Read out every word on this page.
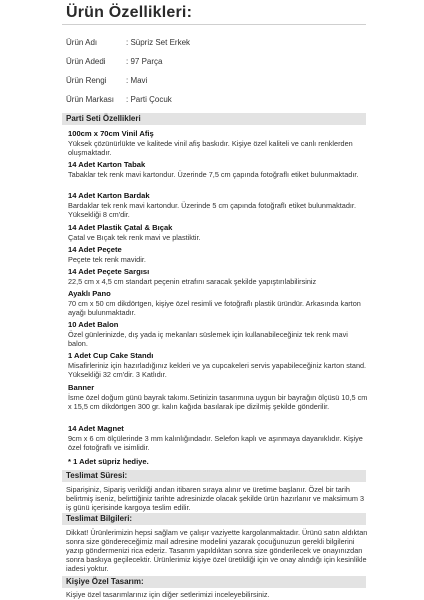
Ürün Özellikleri:
Ürün Adı	: Süpriz Set Erkek
Ürün Adedi	: 97 Parça
Ürün Rengi : Mavi
Ürün Markası : Parti Çocuk
Parti Seti Özellikleri
100cm x 70cm Vinil Afiş
Yüksek çözünürlükte ve kalitede vinil afiş baskıdır. Kişiye özel kaliteli ve canlı renklerden oluşmaktadır.
14 Adet Karton Tabak
Tabaklar tek renk mavi kartondur. Üzerinde 7,5 cm çapında fotoğraflı etiket bulunmaktadır.
14 Adet Karton Bardak
Bardaklar tek renk mavi kartondur. Üzerinde 5 cm çapında fotoğraflı etiket bulunmaktadır. Yüksekliği 8 cm'dir.
14 Adet Plastik Çatal & Bıçak
Çatal ve Bıçak tek renk mavi ve plastiktir.
14 Adet Peçete
Peçete tek renk mavidir.
14 Adet Peçete Sargısı
22,5 cm x 4,5 cm standart peçenin etrafını saracak şekilde yapıştırılabilirsiniz
Ayaklı Pano
70 cm x 50 cm dikdörtgen, kişiye özel resimli ve fotoğraflı plastik üründür. Arkasında karton ayağı bulunmaktadır.
10 Adet Balon
Özel günlerinizde, dış yada iç mekanları süslemek için kullanabileceğiniz tek renk mavi balon.
1 Adet Cup Cake Standı
Misafirleriniz için hazırladığınız kekleri ve ya cupcakeleri servis yapabileceğiniz karton stand. Yüksekliği 32 cm'dir. 3 Katlıdır.
Banner
İsme özel doğum günü bayrak takımı.Setinizin tasarımına uygun bir bayrağın ölçüsü 10,5 cm x 15,5 cm dikdörtgen 300 gr. kalın kağıda basılarak ipe dizilmiş şekilde gönderilir.
14 Adet Magnet
9cm x 6 cm ölçülerinde 3 mm kalınlığındadır. Selefon kaplı ve aşınmaya dayanıklıdır. Kişiye özel fotoğraflı ve isimlidir.
* 1 Adet süpriz hediye.
Teslimat Süresi:
Siparişiniz, Sipariş verildiği andan itibaren sıraya alınır ve üretime başlanır. Özel bir tarih belirtmiş iseniz, belirttiğiniz tarihte adresinizde olacak şekilde ürün hazırlanır ve maksimum 3 iş günü içerisinde kargoya teslim edilir.
Teslimat Bilgileri:
Dikkat! Ürünlerimizin hepsi sağlam ve çalışır vaziyette kargolanmaktadır. Ürünü satın aldıktan sonra size göndereceğimiz mail adresine modelini yazarak çocuğunuzun gerekli bilgilerini yazıp göndermenizi rica ederiz. Tasarım yapıldıktan sonra size gönderilecek ve onayınızdan sonra baskıya geçilecektir. Ürünlerimiz kişiye özel üretildiği için ve onay alındığı için kesinlikle iadesi yoktur.
Kişiye Özel Tasarım:
Kişiye özel tasarımlarınız için diğer setlerimizi inceleyebilirsiniz.
